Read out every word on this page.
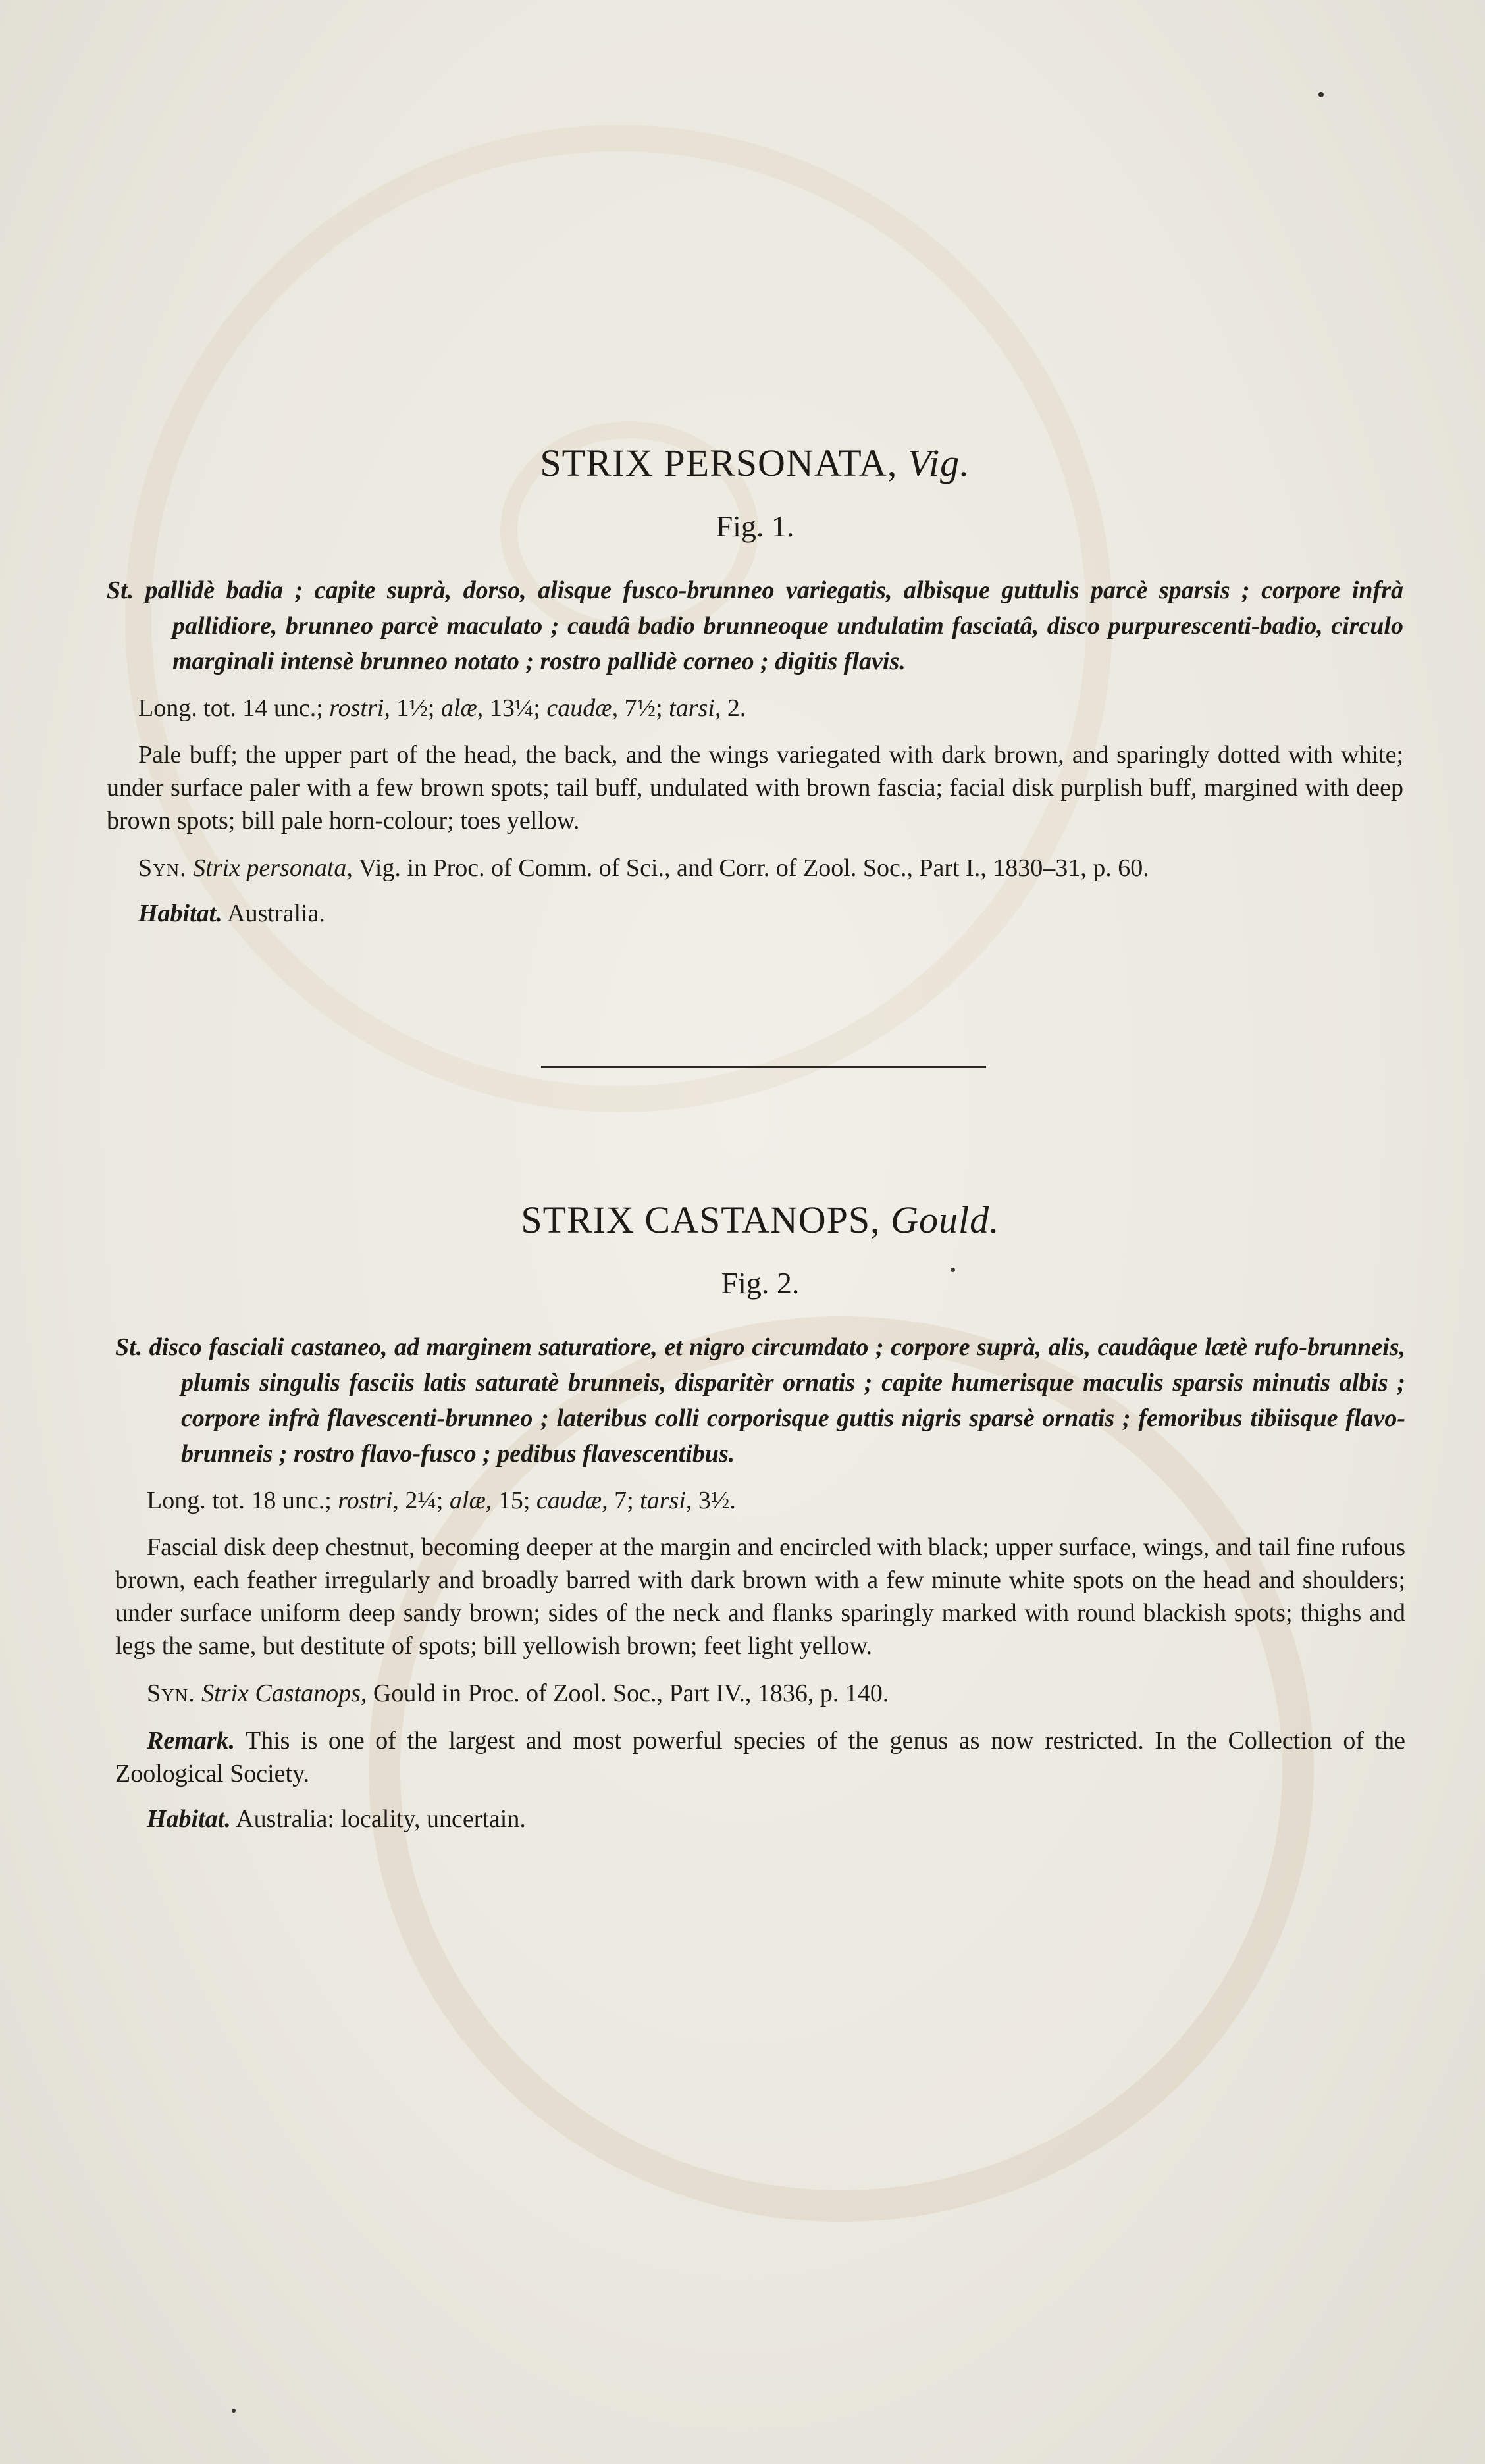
STRIX PERSONATA, Vig.
Fig. 1.

St. pallidè badia ; capite suprà, dorso, alisque fusco-brunneo variegatis, albisque guttulis parcè sparsis ; corpore infrà pallidiore, brunneo parcè maculato ; caudâ badio brunneoque undulatim fasciatâ, disco purpurescenti-badio, circulo marginali intensè brunneo notato ; rostro pallidè corneo ; digitis flavis.

Long. tot. 14 unc.; rostri, 1½; alæ, 13¼; caudæ, 7½; tarsi, 2.

Pale buff; the upper part of the head, the back, and the wings variegated with dark brown, and sparingly dotted with white; under surface paler with a few brown spots; tail buff, undulated with brown fascia; facial disk purplish buff, margined with deep brown spots; bill pale horn-colour; toes yellow.

Syn. Strix personata, Vig. in Proc. of Comm. of Sci., and Corr. of Zool. Soc., Part I., 1830–31, p. 60.

Habitat. Australia.

STRIX CASTANOPS, Gould.
Fig. 2.

St. disco fasciali castaneo, ad marginem saturatiore, et nigro circumdato ; corpore suprà, alis, caudâque lætè rufo-brunneis, plumis singulis fasciis latis saturatè brunneis, disparitèr ornatis ; capite humerisque maculis sparsis minutis albis ; corpore infrà flavescenti-brunneo ; lateribus colli corporisque guttis nigris sparsè ornatis ; femoribus tibiisque flavo-brunneis ; rostro flavo-fusco ; pedibus flavescentibus.

Long. tot. 18 unc.; rostri, 2¼; alæ, 15; caudæ, 7; tarsi, 3½.

Fascial disk deep chestnut, becoming deeper at the margin and encircled with black; upper surface, wings, and tail fine rufous brown, each feather irregularly and broadly barred with dark brown with a few minute white spots on the head and shoulders; under surface uniform deep sandy brown; sides of the neck and flanks sparingly marked with round blackish spots; thighs and legs the same, but destitute of spots; bill yellowish brown; feet light yellow.

Syn. Strix Castanops, Gould in Proc. of Zool. Soc., Part IV., 1836, p. 140.

Remark. This is one of the largest and most powerful species of the genus as now restricted. In the Collection of the Zoological Society.

Habitat. Australia: locality, uncertain.
